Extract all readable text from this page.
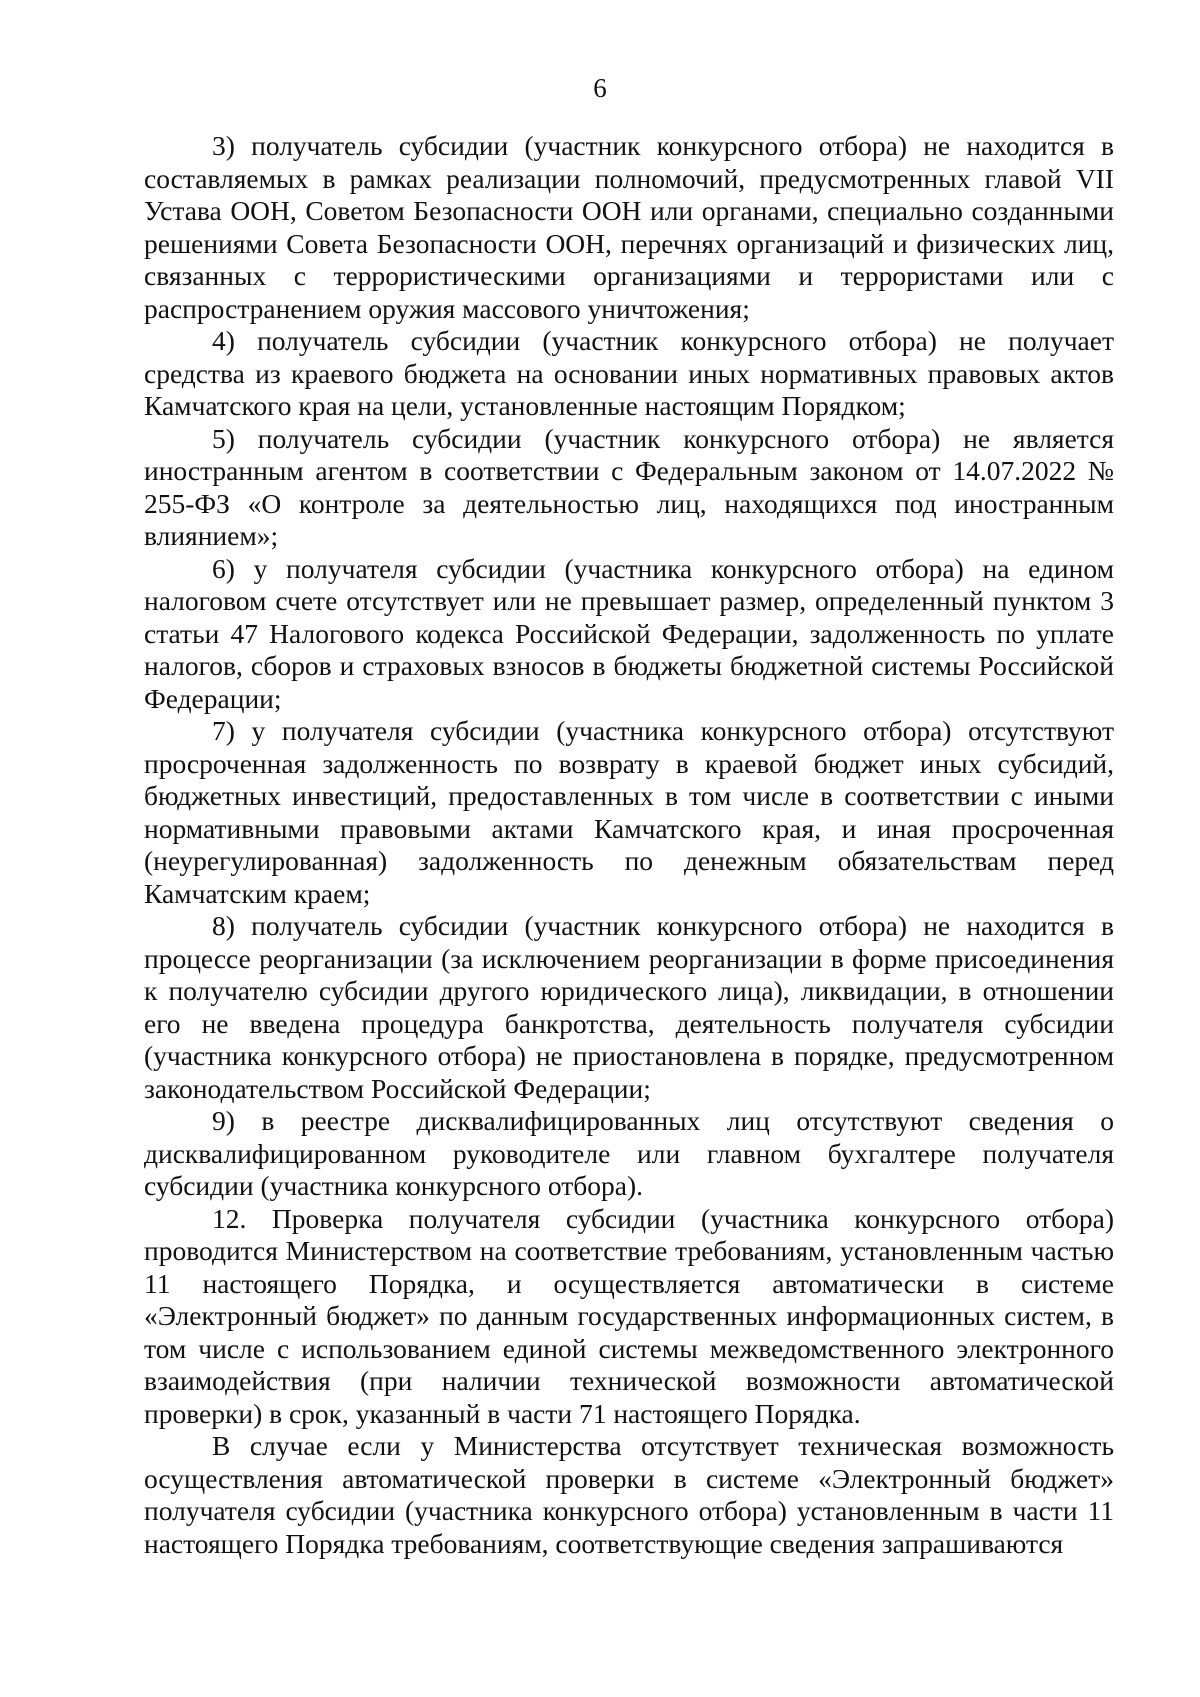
6

3) получатель субсидии (участник конкурсного отбора) не находится в составляемых в рамках реализации полномочий, предусмотренных главой VII Устава ООН, Советом Безопасности ООН или органами, специально созданными решениями Совета Безопасности ООН, перечнях организаций и физических лиц, связанных с террористическими организациями и террористами или с распространением оружия массового уничтожения;

4) получатель субсидии (участник конкурсного отбора) не получает средства из краевого бюджета на основании иных нормативных правовых актов Камчатского края на цели, установленные настоящим Порядком;

5) получатель субсидии (участник конкурсного отбора) не является иностранным агентом в соответствии с Федеральным законом от 14.07.2022 № 255-ФЗ «О контроле за деятельностью лиц, находящихся под иностранным влиянием»;

6) у получателя субсидии (участника конкурсного отбора) на едином налоговом счете отсутствует или не превышает размер, определенный пунктом 3 статьи 47 Налогового кодекса Российской Федерации, задолженность по уплате налогов, сборов и страховых взносов в бюджеты бюджетной системы Российской Федерации;

7) у получателя субсидии (участника конкурсного отбора) отсутствуют просроченная задолженность по возврату в краевой бюджет иных субсидий, бюджетных инвестиций, предоставленных в том числе в соответствии с иными нормативными правовыми актами Камчатского края, и иная просроченная (неурегулированная) задолженность по денежным обязательствам перед Камчатским краем;

8) получатель субсидии (участник конкурсного отбора) не находится в процессе реорганизации (за исключением реорганизации в форме присоединения к получателю субсидии другого юридического лица), ликвидации, в отношении его не введена процедура банкротства, деятельность получателя субсидии (участника конкурсного отбора) не приостановлена в порядке, предусмотренном законодательством Российской Федерации;

9) в реестре дисквалифицированных лиц отсутствуют сведения о дисквалифицированном руководителе или главном бухгалтере получателя субсидии (участника конкурсного отбора).

12. Проверка получателя субсидии (участника конкурсного отбора) проводится Министерством на соответствие требованиям, установленным частью 11 настоящего Порядка, и осуществляется автоматически в системе «Электронный бюджет» по данным государственных информационных систем, в том числе с использованием единой системы межведомственного электронного взаимодействия (при наличии технической возможности автоматической проверки) в срок, указанный в части 71 настоящего Порядка.

В случае если у Министерства отсутствует техническая возможность осуществления автоматической проверки в системе «Электронный бюджет» получателя субсидии (участника конкурсного отбора) установленным в части 11 настоящего Порядка требованиям, соответствующие сведения запрашиваются
